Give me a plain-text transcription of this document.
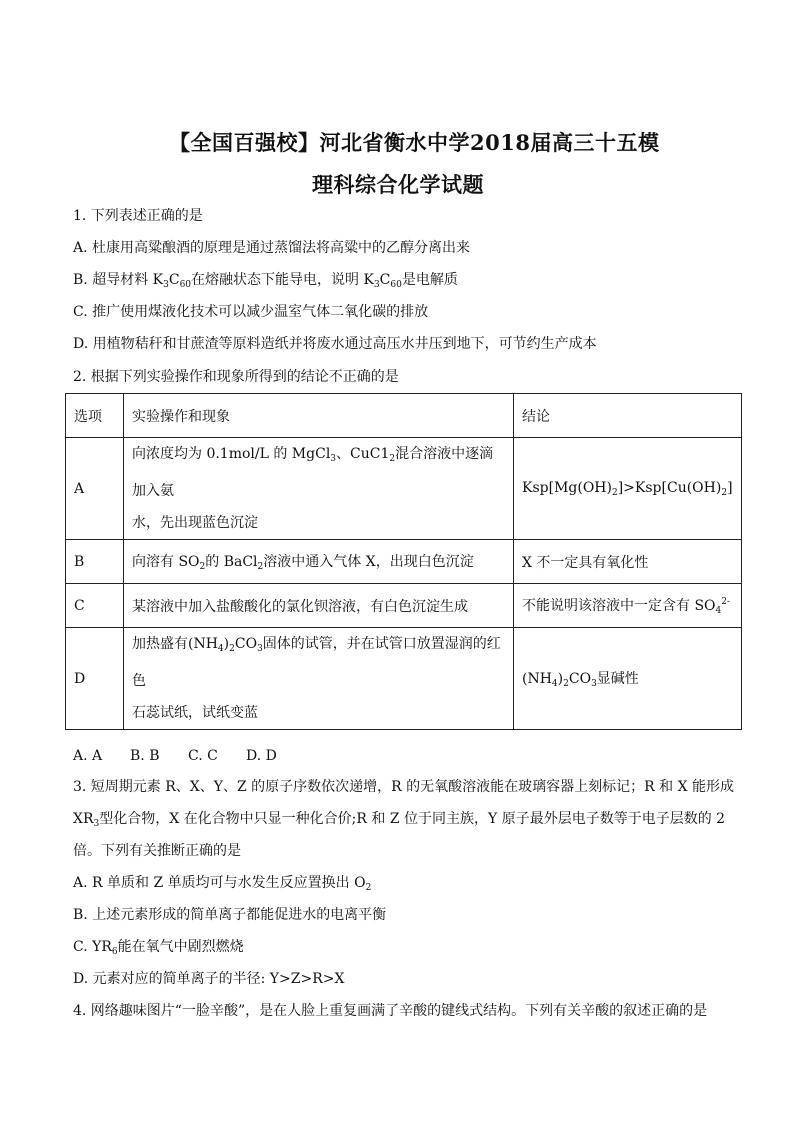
【全国百强校】河北省衡水中学2018届高三十五模
理科综合化学试题
1. 下列表述正确的是
A. 杜康用高粱酿酒的原理是通过蒸馏法将高粱中的乙醇分离出来
B. 超导材料 $K_3C_{60}$在熔融状态下能导电，说明 $K_3C_{60}$是电解质
C. 推广使用煤液化技术可以减少温室气体二氧化碳的排放
D. 用植物秸秆和甘蔗渣等原料造纸并将废水通过高压水井压到地下，可节约生产成本
2. 根据下列实验操作和现象所得到的结论不正确的是
选项	实验操作和现象	结论
A	向浓度均为 0.1mol/L 的 MgCl$_3$、$CuC1_2$混合溶液中逐滴加入氨
水，先出现蓝色沉淀	$Ksp[Mg(OH)_2]>Ksp[Cu(OH)_2]$
B	向溶有 $SO_2$的 BaCl$_2$溶液中通入气体 X，出现白色沉淀	X 不一定具有氧化性
C	某溶液中加入盐酸酸化的氯化钡溶液，有白色沉淀生成	不能说明该溶液中一定含有 $SO_4^{2-}$
D	加热盛有$(NH_4)_2CO_3$固体的试管，并在试管口放置湿润的红色
石蕊试纸，试纸变蓝	$(NH_4)_2CO_3$显碱性
A. A B. B C. C D. D
3. 短周期元素 R、X、Y、Z 的原子序数依次递增，R 的无氧酸溶液能在玻璃容器上刻标记；R 和 X 能形成
$XR_3$型化合物，X 在化合物中只显一种化合价;R 和 Z 位于同主族，Y 原子最外层电子数等于电子层数的 2
倍。下列有关推断正确的是
A. R 单质和 Z 单质均可与水发生反应置换出 $O_2$
B. 上述元素形成的简单离子都能促进水的电离平衡
C. $YR_6$能在氧气中剧烈燃烧
D. 元素对应的简单离子的半径: Y>Z>R>X
4. 网络趣味图片“一脸辛酸”，是在人脸上重复画满了辛酸的键线式结构。下列有关辛酸的叙述正确的是
